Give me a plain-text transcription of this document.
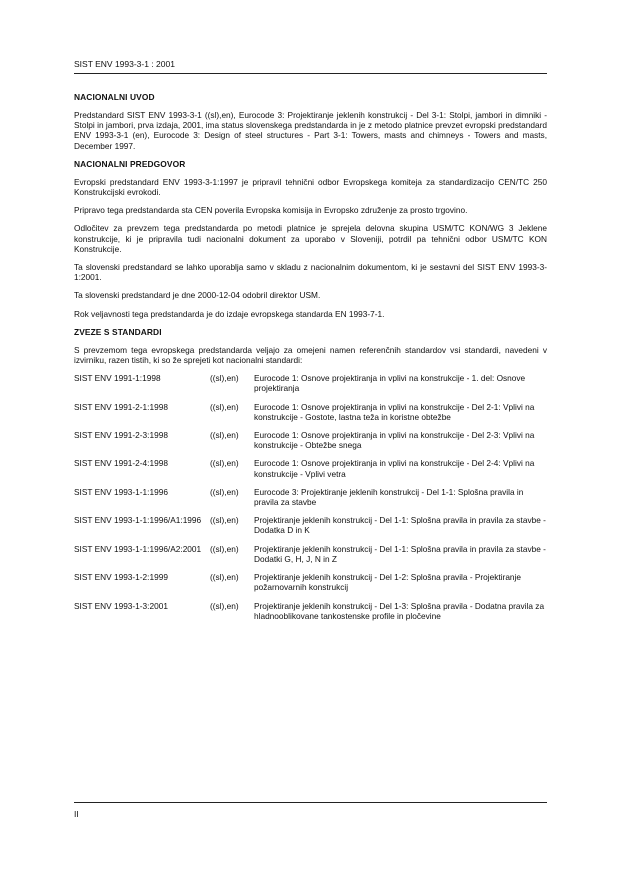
SIST ENV 1993-3-1 : 2001
NACIONALNI UVOD

Predstandard SIST ENV 1993-3-1 ((sl),en), Eurocode 3: Projektiranje jeklenih konstrukcij - Del 3-1: Stolpi, jambori in dimniki - Stolpi in jambori, prva izdaja, 2001, ima status slovenskega predstandarda in je z metodo platnice prevzet evropski predstandard ENV 1993-3-1 (en), Eurocode 3: Design of steel structures - Part 3-1: Towers, masts and chimneys - Towers and masts, December 1997.

NACIONALNI PREDGOVOR

Evropski predstandard ENV 1993-3-1:1997 je pripravil tehnični odbor Evropskega komiteja za standardizacijo CEN/TC 250 Konstrukcijski evrokodi.

Pripravo tega predstandarda sta CEN poverila Evropska komisija in Evropsko združenje za prosto trgovino.

Odločitev za prevzem tega predstandarda po metodi platnice je sprejela delovna skupina USM/TC KON/WG 3 Jeklene konstrukcije, ki je pripravila tudi nacionalni dokument za uporabo v Sloveniji, potrdil pa tehnični odbor USM/TC KON Konstrukcije.

Ta slovenski predstandard se lahko uporablja samo v skladu z nacionalnim dokumentom, ki je sestavni del SIST ENV 1993-3-1:2001.

Ta slovenski predstandard je dne 2000-12-04 odobril direktor USM.

Rok veljavnosti tega predstandarda je do izdaje evropskega standarda EN 1993-7-1.

ZVEZE S STANDARDI

S prevzemom tega evropskega predstandarda veljajo za omejeni namen referenčnih standardov vsi standardi, navedeni v izvirniku, razen tistih, ki so že sprejeti kot nacionalni standardi:

SIST ENV 1991-1:1998	((sl),en)	Eurocode 1: Osnove projektiranja in vplivi na konstrukcije - 1. del: Osnove projektiranja
SIST ENV 1991-2-1:1998	((sl),en)	Eurocode 1: Osnove projektiranja in vplivi na konstrukcije - Del 2-1: Vplivi na konstrukcije - Gostote, lastna teža in koristne obtežbe
SIST ENV 1991-2-3:1998	((sl),en)	Eurocode 1: Osnove projektiranja in vplivi na konstrukcije - Del 2-3: Vplivi na konstrukcije - Obtežbe snega
SIST ENV 1991-2-4:1998	((sl),en)	Eurocode 1: Osnove projektiranja in vplivi na konstrukcije - Del 2-4: Vplivi na konstrukcije - Vplivi vetra
SIST ENV 1993-1-1:1996	((sl),en)	Eurocode 3: Projektiranje jeklenih konstrukcij - Del 1-1: Splošna pravila in pravila za stavbe
SIST ENV 1993-1-1:1996/A1:1996	((sl),en)	Projektiranje jeklenih konstrukcij - Del 1-1: Splošna pravila in pravila za stavbe - Dodatka D in K
SIST ENV 1993-1-1:1996/A2:2001	((sl),en)	Projektiranje jeklenih konstrukcij - Del 1-1: Splošna pravila in pravila za stavbe - Dodatki G, H, J, N in Z
SIST ENV 1993-1-2:1999	((sl),en)	Projektiranje jeklenih konstrukcij - Del 1-2: Splošna pravila - Projektiranje požarnovarnih konstrukcij
SIST ENV 1993-1-3:2001	((sl),en)	Projektiranje jeklenih konstrukcij - Del 1-3: Splošna pravila - Dodatna pravila za hladnooblikovane tankostenske profile in pločevine
II
